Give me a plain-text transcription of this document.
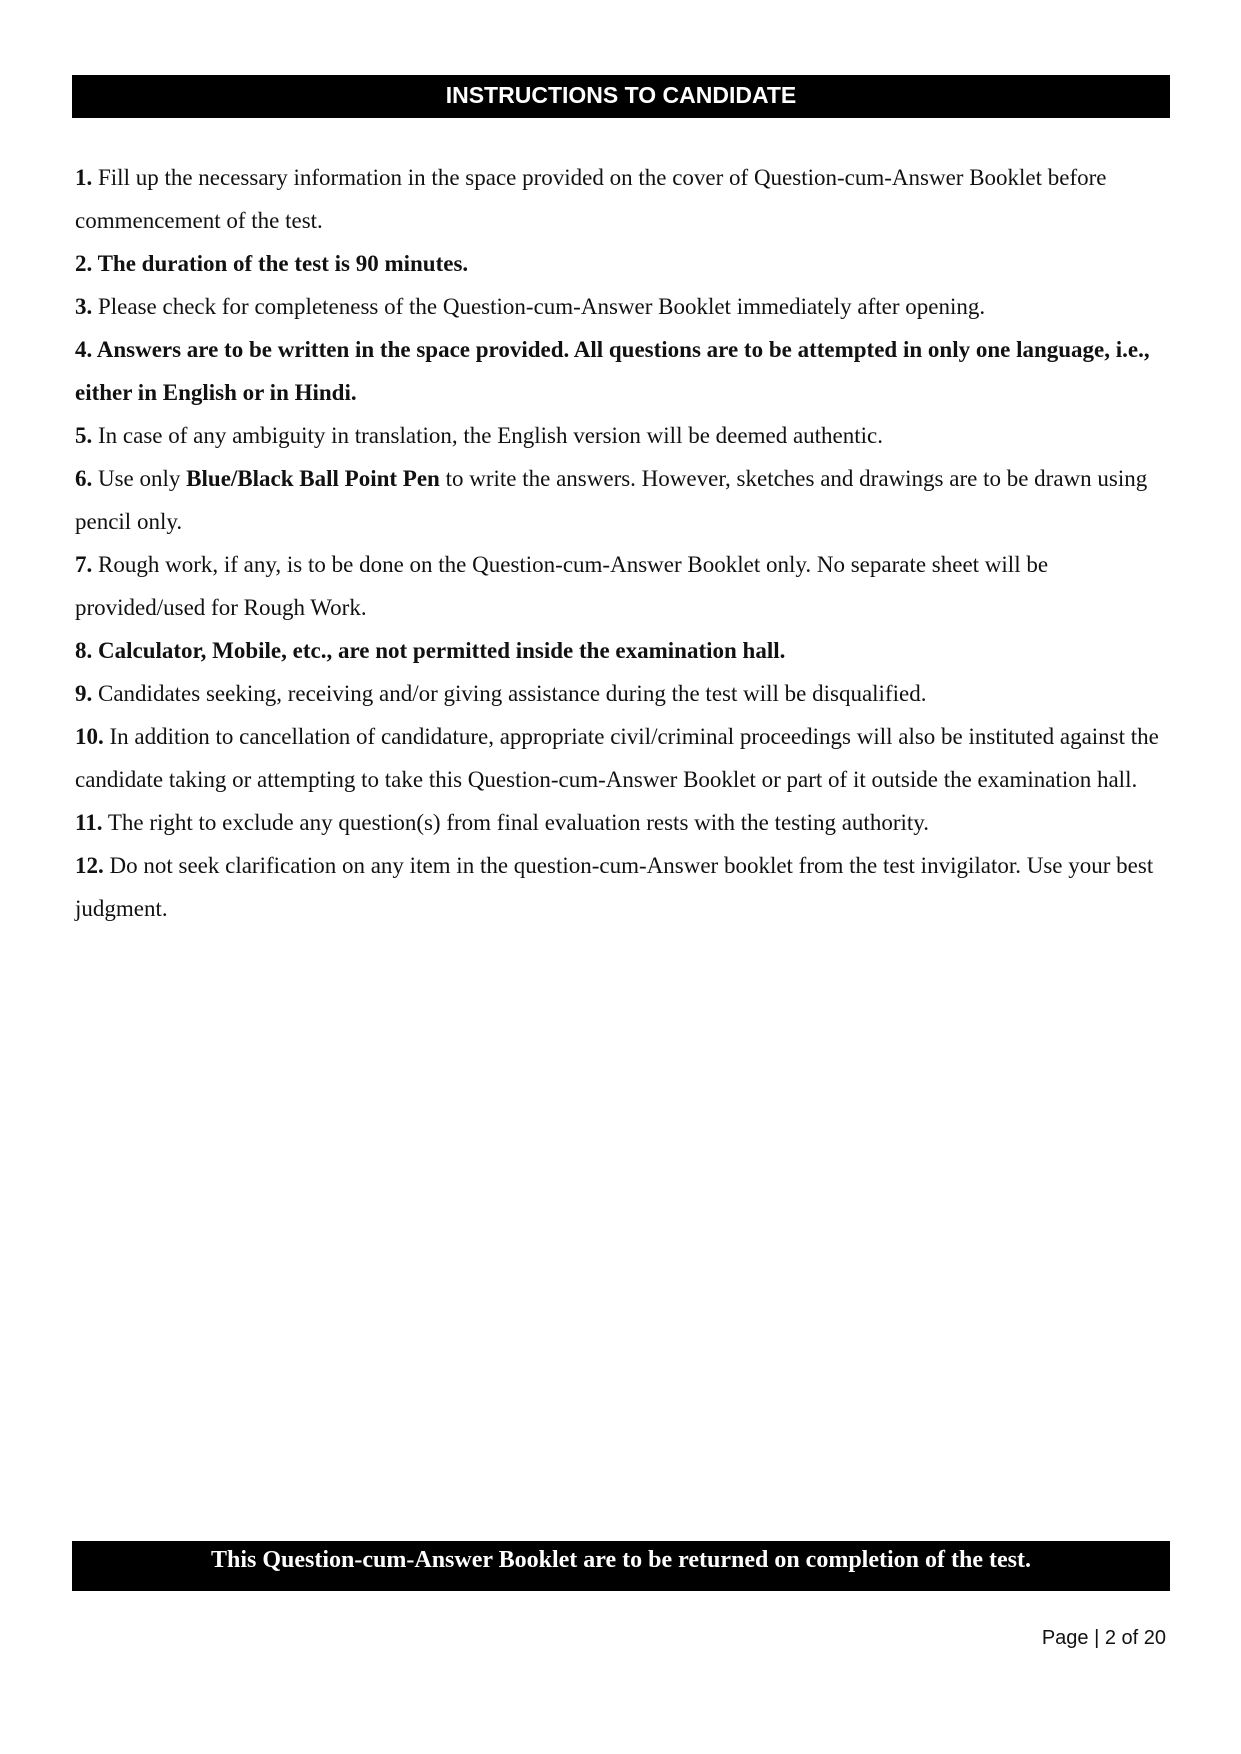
INSTRUCTIONS TO CANDIDATE

1. Fill up the necessary information in the space provided on the cover of Question-cum-Answer Booklet before commencement of the test.

2. The duration of the test is 90 minutes.

3. Please check for completeness of the Question-cum-Answer Booklet immediately after opening.

4. Answers are to be written in the space provided. All questions are to be attempted in only one language, i.e., either in English or in Hindi.

5. In case of any ambiguity in translation, the English version will be deemed authentic.

6. Use only Blue/Black Ball Point Pen to write the answers. However, sketches and drawings are to be drawn using pencil only.

7. Rough work, if any, is to be done on the Question-cum-Answer Booklet only. No separate sheet will be provided/used for Rough Work.

8. Calculator, Mobile, etc., are not permitted inside the examination hall.

9. Candidates seeking, receiving and/or giving assistance during the test will be disqualified.

10. In addition to cancellation of candidature, appropriate civil/criminal proceedings will also be instituted against the candidate taking or attempting to take this Question-cum-Answer Booklet or part of it outside the examination hall.

11. The right to exclude any question(s) from final evaluation rests with the testing authority.

12. Do not seek clarification on any item in the question-cum-Answer booklet from the test invigilator. Use your best judgment.

This Question-cum-Answer Booklet are to be returned on completion of the test.
Page | 2 of 20
